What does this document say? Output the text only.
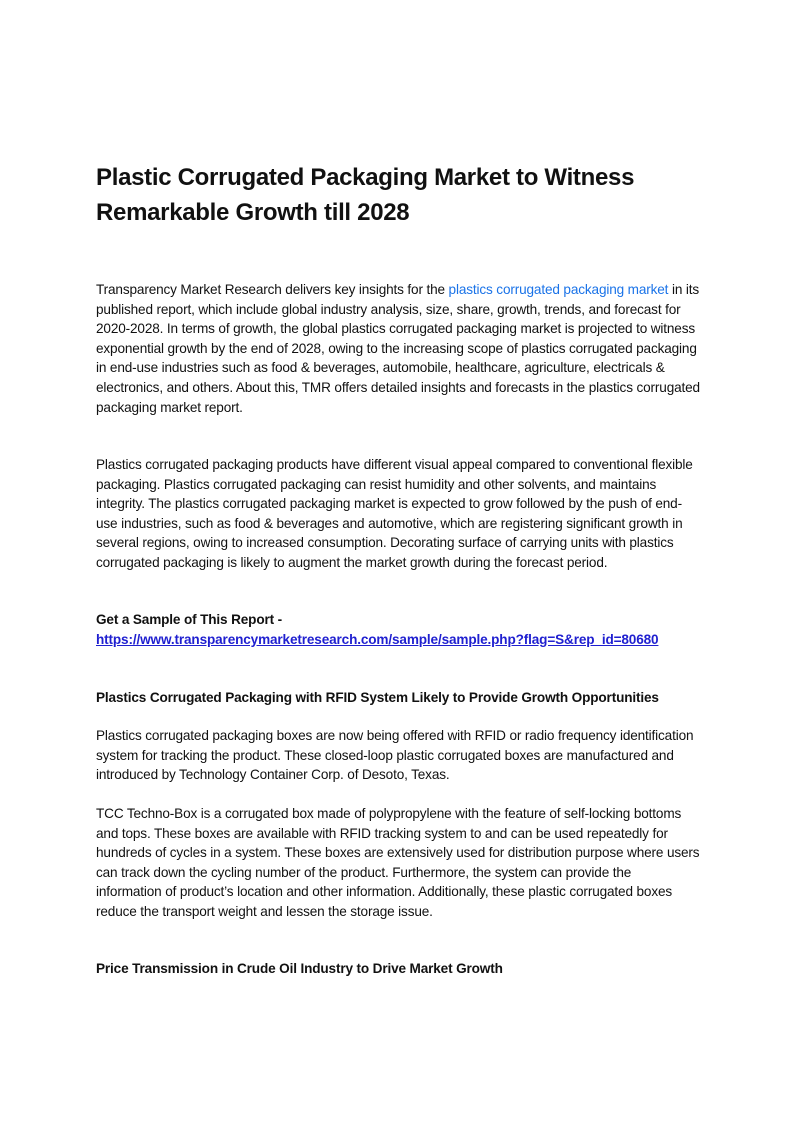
Plastic Corrugated Packaging Market to Witness Remarkable Growth till 2028

Transparency Market Research delivers key insights for the plastics corrugated packaging market in its published report, which include global industry analysis, size, share, growth, trends, and forecast for 2020-2028. In terms of growth, the global plastics corrugated packaging market is projected to witness exponential growth by the end of 2028, owing to the increasing scope of plastics corrugated packaging in end-use industries such as food & beverages, automobile, healthcare, agriculture, electricals & electronics, and others. About this, TMR offers detailed insights and forecasts in the plastics corrugated packaging market report.

Plastics corrugated packaging products have different visual appeal compared to conventional flexible packaging. Plastics corrugated packaging can resist humidity and other solvents, and maintains integrity. The plastics corrugated packaging market is expected to grow followed by the push of end-use industries, such as food & beverages and automotive, which are registering significant growth in several regions, owing to increased consumption. Decorating surface of carrying units with plastics corrugated packaging is likely to augment the market growth during the forecast period.

Get a Sample of This Report -
https://www.transparencymarketresearch.com/sample/sample.php?flag=S&rep_id=80680

Plastics Corrugated Packaging with RFID System Likely to Provide Growth Opportunities

Plastics corrugated packaging boxes are now being offered with RFID or radio frequency identification system for tracking the product. These closed-loop plastic corrugated boxes are manufactured and introduced by Technology Container Corp. of Desoto, Texas.

TCC Techno-Box is a corrugated box made of polypropylene with the feature of self-locking bottoms and tops. These boxes are available with RFID tracking system to and can be used repeatedly for hundreds of cycles in a system. These boxes are extensively used for distribution purpose where users can track down the cycling number of the product. Furthermore, the system can provide the information of product’s location and other information. Additionally, these plastic corrugated boxes reduce the transport weight and lessen the storage issue.

Price Transmission in Crude Oil Industry to Drive Market Growth
